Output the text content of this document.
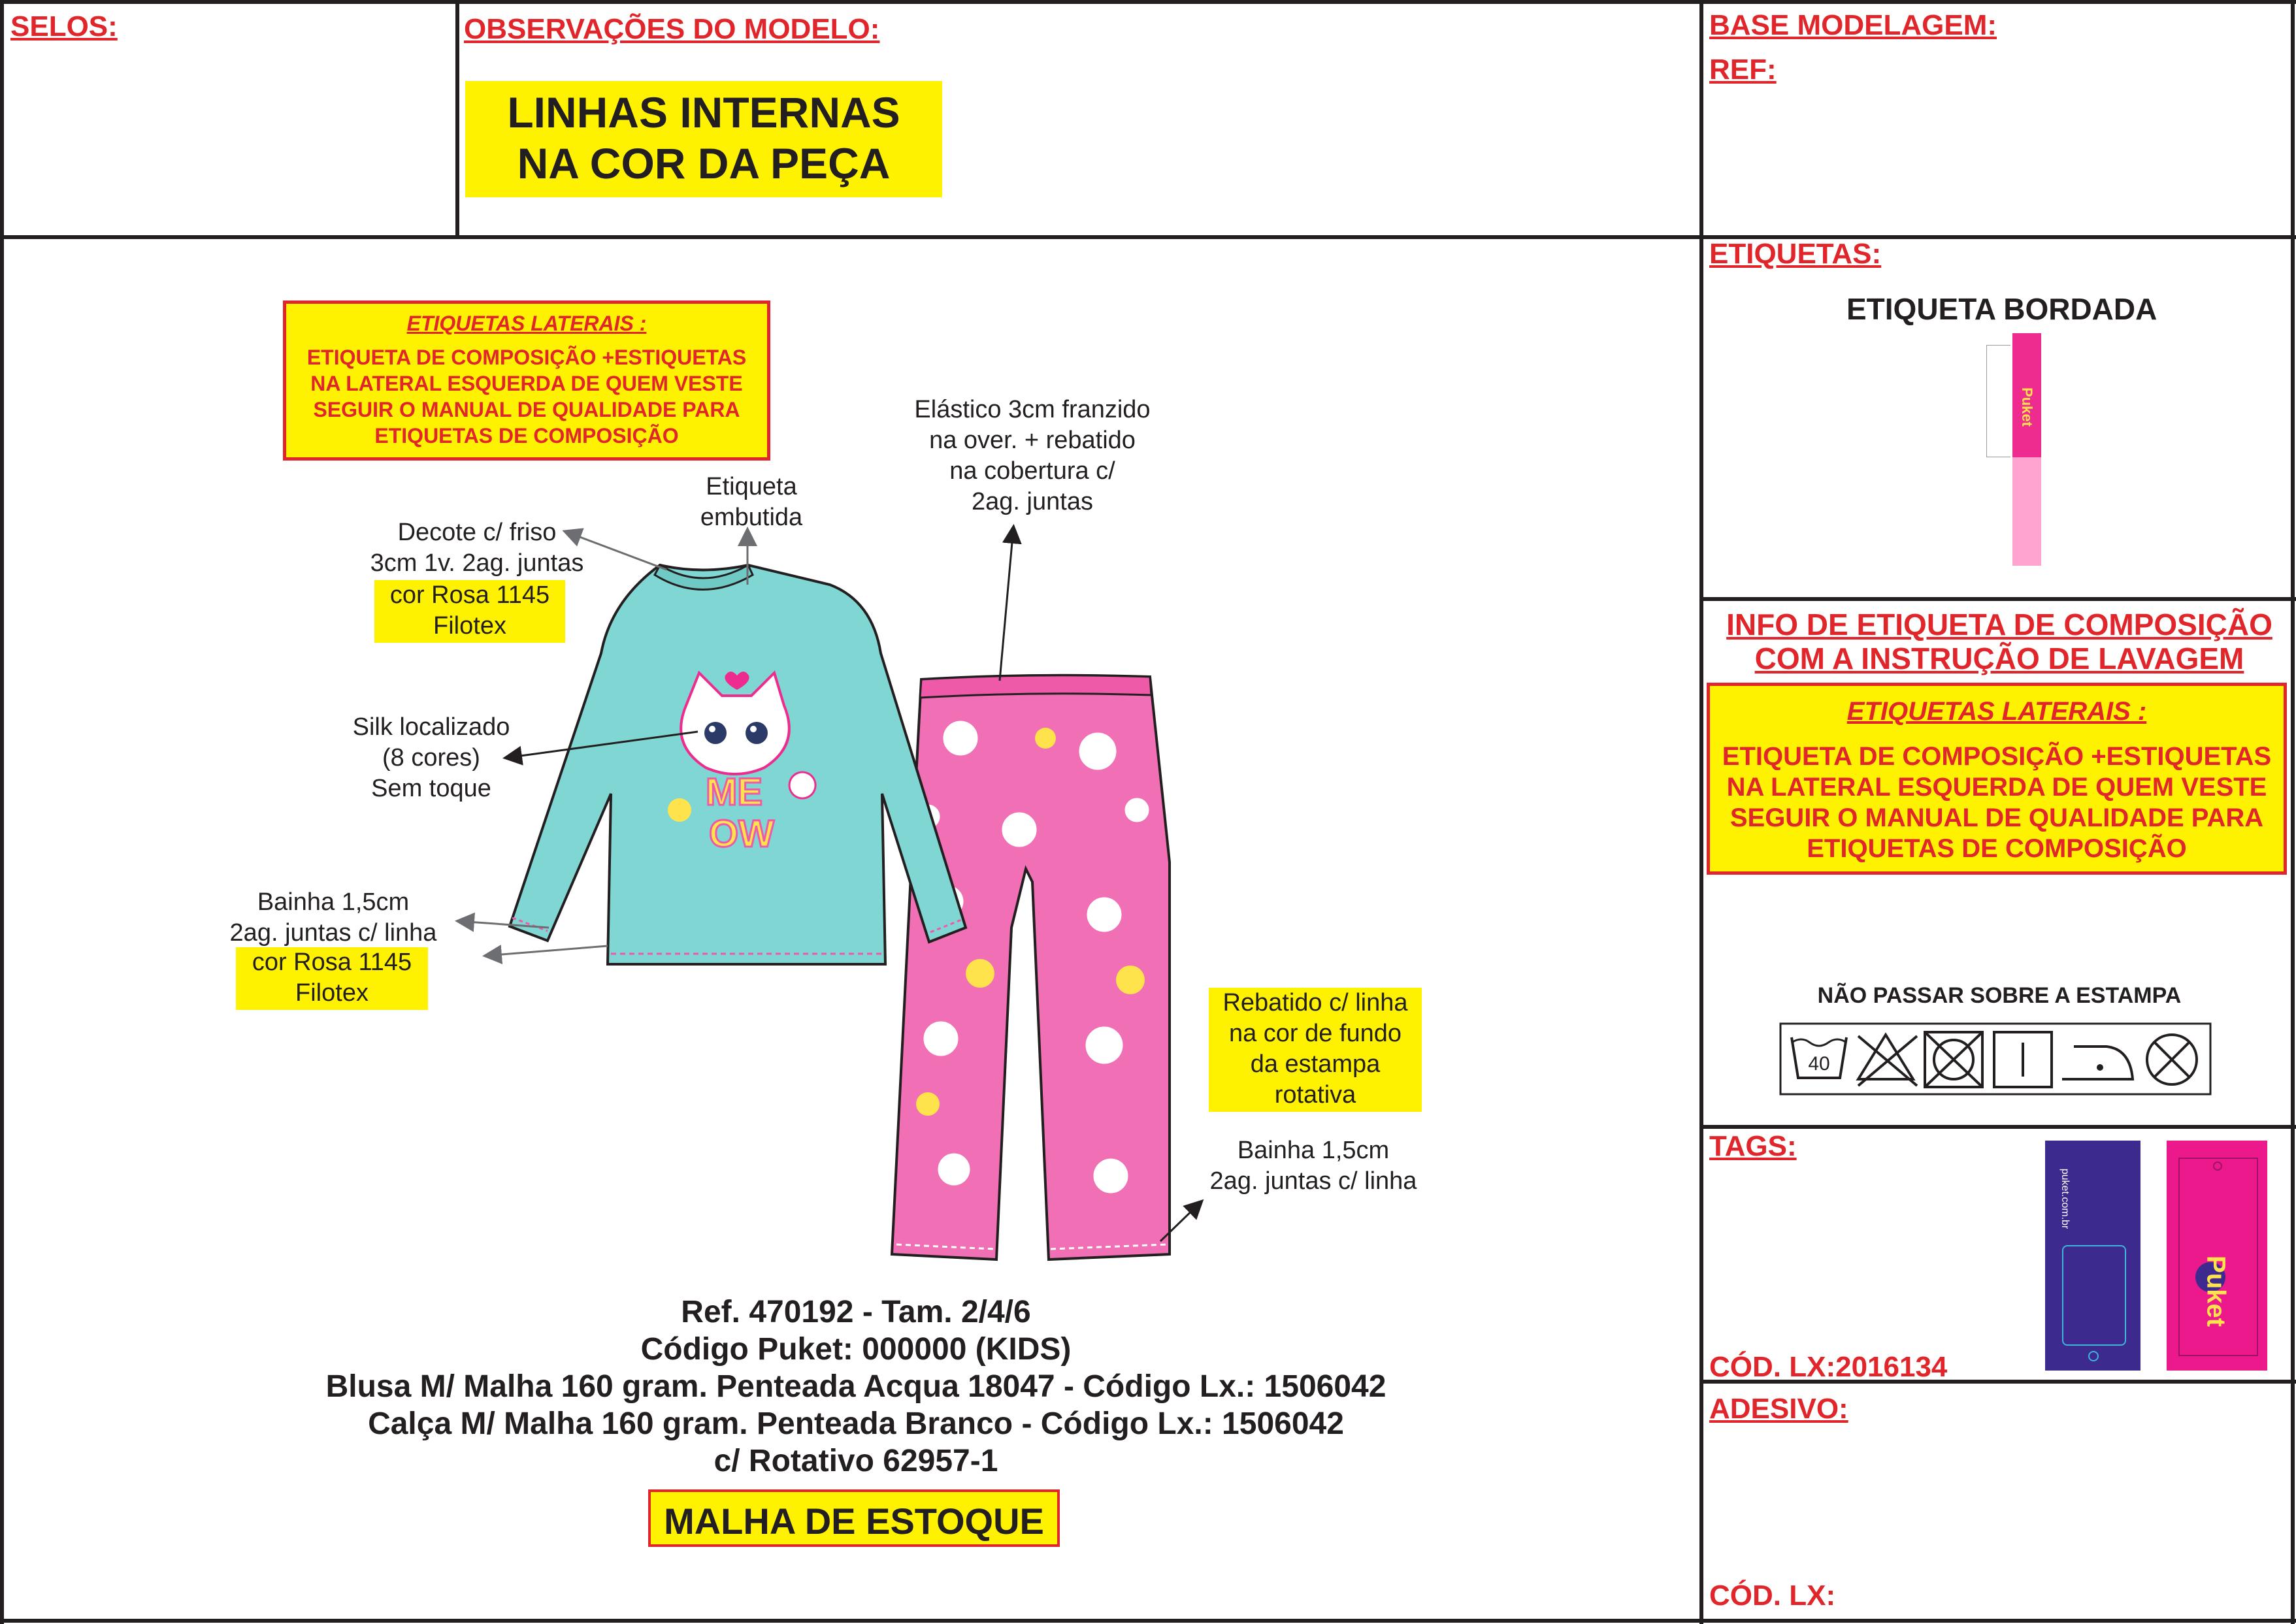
SELOS:	OBSERVAÇÕES DO MODELO:
LINHAS INTERNAS
NA COR DA PEÇA
BASE MODELAGEM:
REF:
ETIQUETAS LATERAIS :
ETIQUETA DE COMPOSIÇÃO +ESTIQUETAS
NA LATERAL ESQUERDA DE QUEM VESTE
SEGUIR O MANUAL DE QUALIDADE PARA
ETIQUETAS DE COMPOSIÇÃO
Etiqueta
embutida
Decote c/ friso
3cm 1v. 2ag. juntas
cor Rosa 1145
Filotex
Silk localizado
(8 cores)
Sem toque
Bainha 1,5cm
2ag. juntas c/ linha
cor Rosa 1145
Filotex
Elástico 3cm franzido
na over. + rebatido
na cobertura c/
2ag. juntas
Rebatido c/ linha
na cor de fundo
da estampa
rotativa
Bainha 1,5cm
2ag. juntas c/ linha
ME
OW
Ref. 470192 - Tam. 2/4/6
Código Puket: 000000 (KIDS)
Blusa M/ Malha 160 gram. Penteada Acqua 18047 - Código Lx.: 1506042
Calça M/ Malha 160 gram. Penteada Branco - Código Lx.: 1506042
c/ Rotativo 62957-1
MALHA DE ESTOQUE
ETIQUETAS:
ETIQUETA BORDADA
Puket
INFO DE ETIQUETA DE COMPOSIÇÃO
COM A INSTRUÇÃO DE LAVAGEM
ETIQUETAS LATERAIS :
ETIQUETA DE COMPOSIÇÃO +ESTIQUETAS
NA LATERAL ESQUERDA DE QUEM VESTE
SEGUIR O MANUAL DE QUALIDADE PARA
ETIQUETAS DE COMPOSIÇÃO
NÃO PASSAR SOBRE A ESTAMPA
40
TAGS:
puket.com.br
Puket
CÓD. LX:2016134
ADESIVO:
CÓD. LX:
